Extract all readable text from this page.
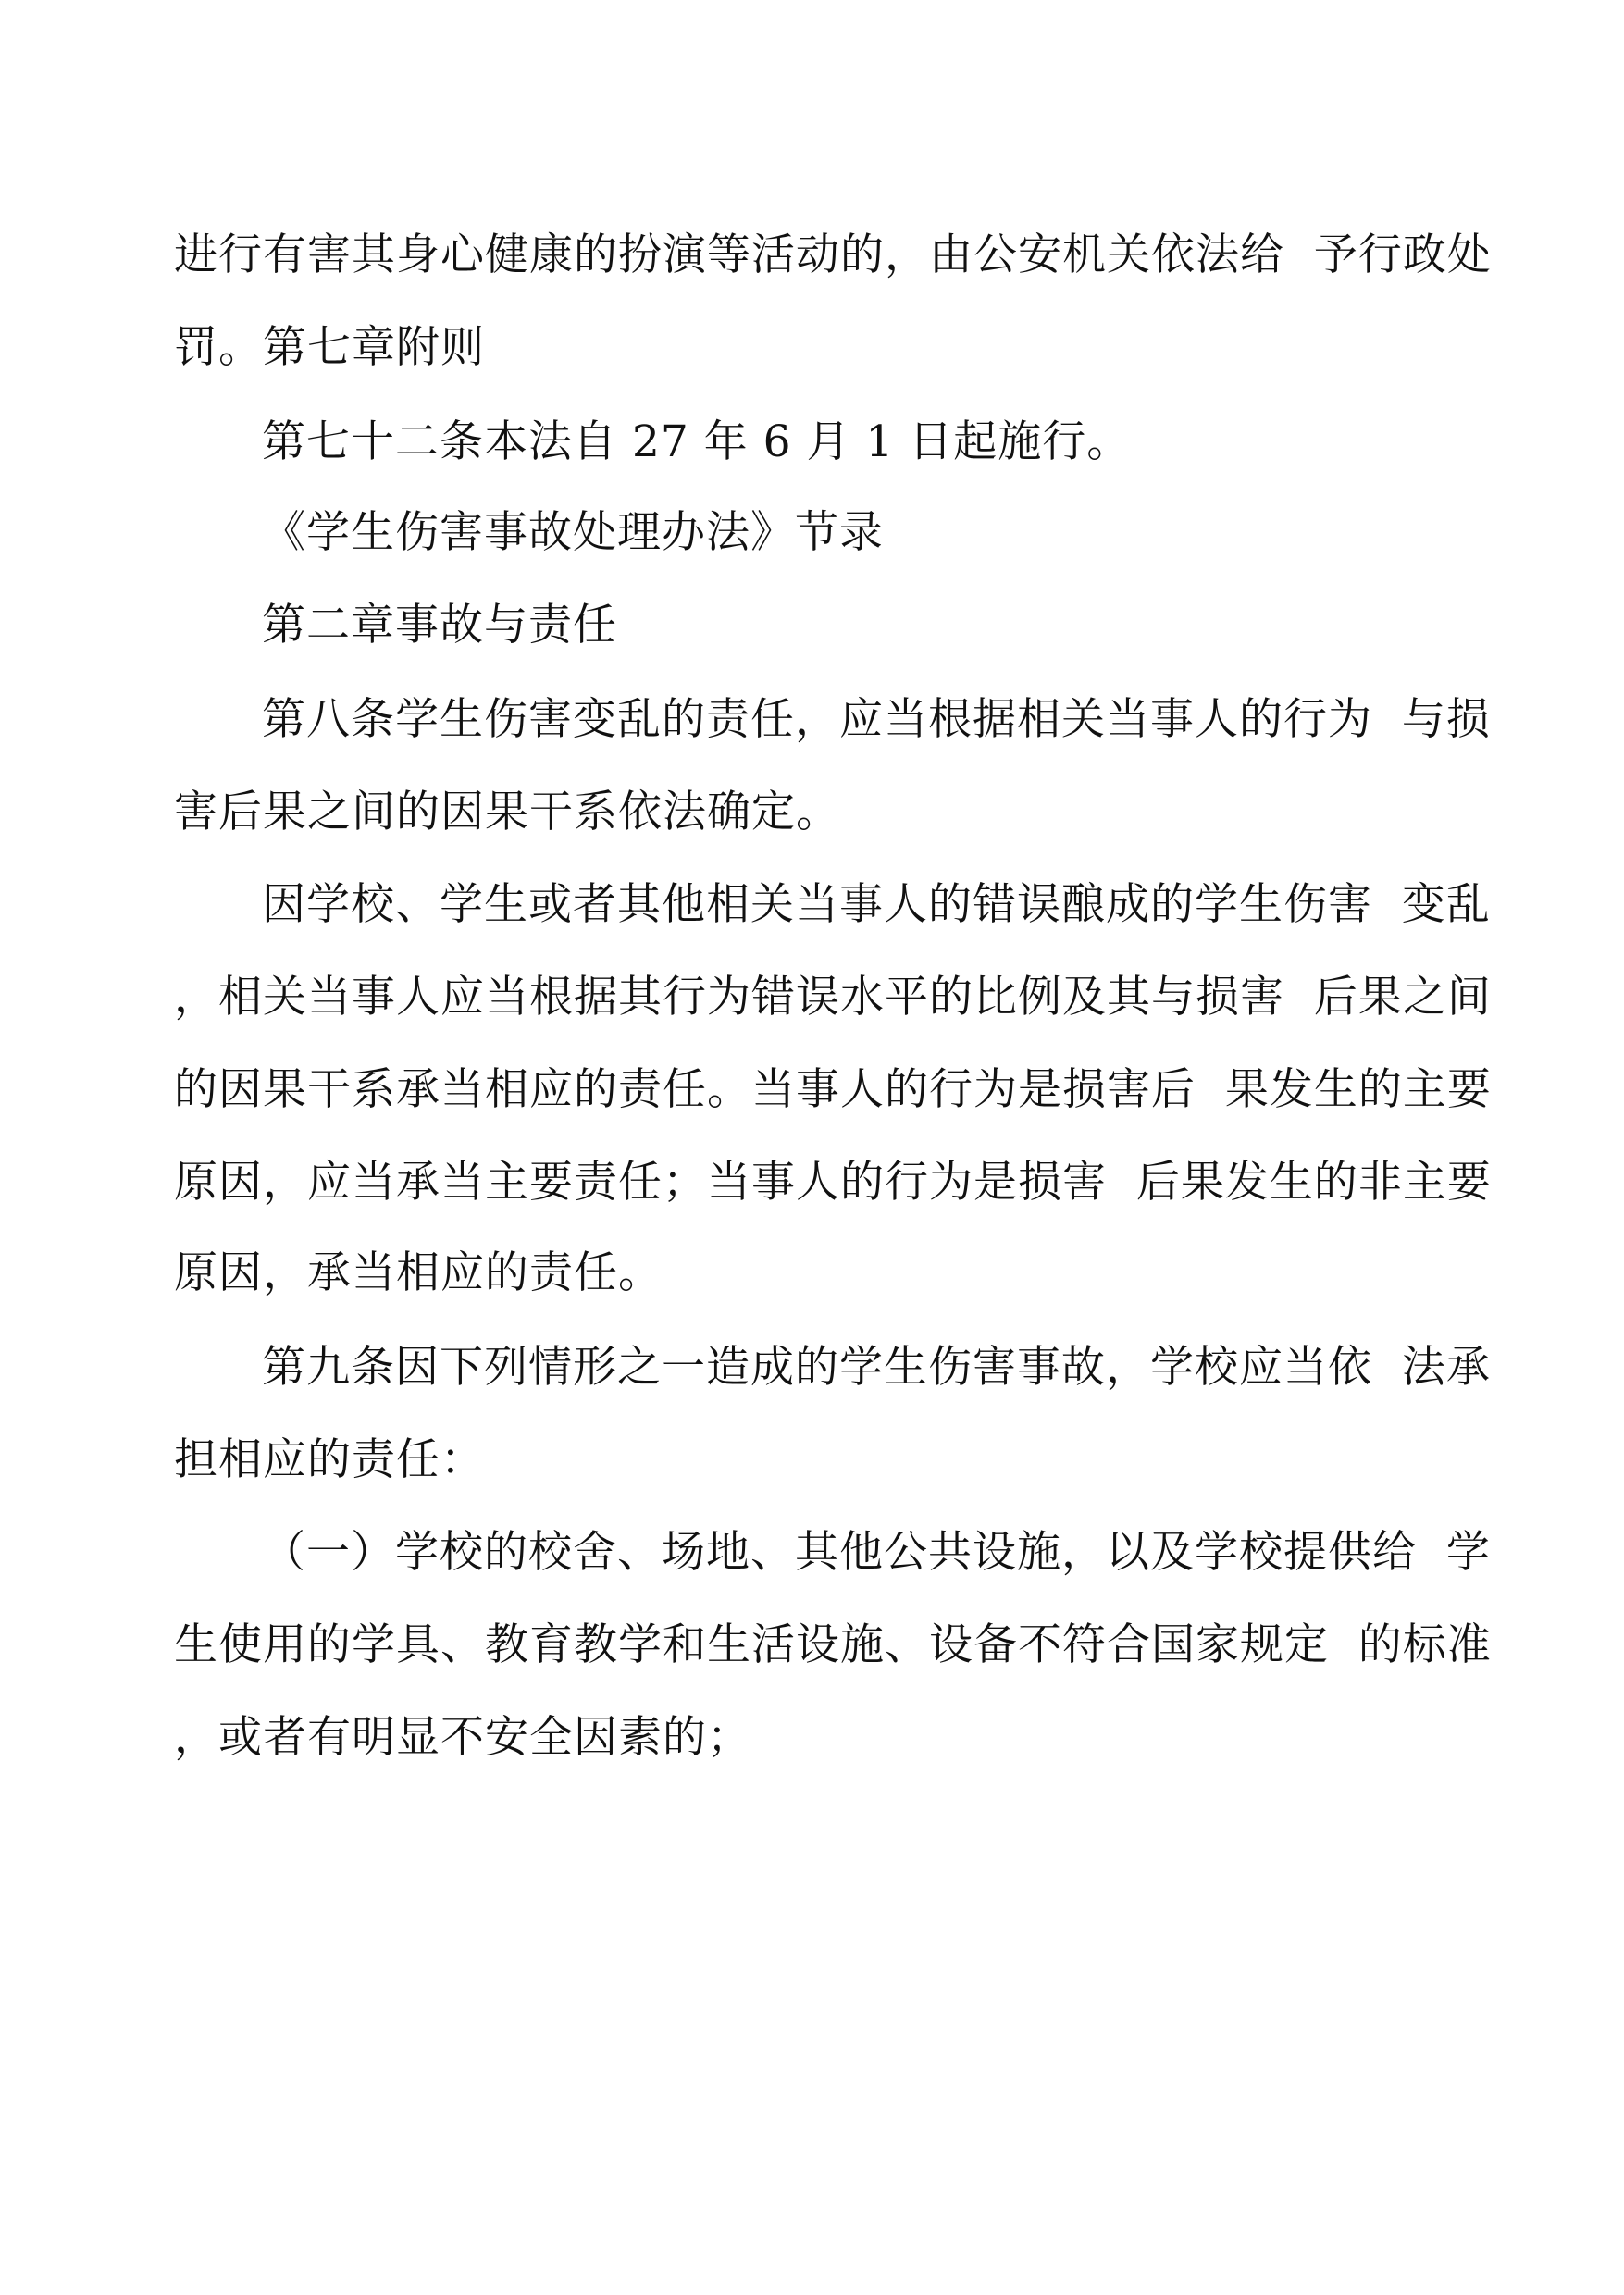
进行有害其身心健康的扮演等活动的，由公安机关依法给  予行政处
罚。第七章附则
第七十二条本法自 27 年 6 月 1 日起施行。
《学生伤害事故处理办法》节录
第二章事故与责任
第八条学生伤害变乱的责任，应当根据相关当事人的行为  与损
害后果之间的因果干系依法确定。
因学校、学生或者其他相关当事人的错误酿成的学生伤害  变乱
，相关当事人应当根据其行为错误水平的比例及其与损害  后果之间
的因果干系承当相应的责任。当事人的行为是损害后  果发生的主要
原因，应当承当主要责任；当事人的行为是损害  后果发生的非主要
原因，承当相应的责任。
第九条因下列情形之一造成的学生伤害事故，学校应当依  法承
担相应的责任：
（一）学校的校舍、场地、其他公共设施，以及学校提供给  学
生使用的学具、教育教学和生活设施、设备不符合国家规定  的标准
，或者有明显不安全因素的；
